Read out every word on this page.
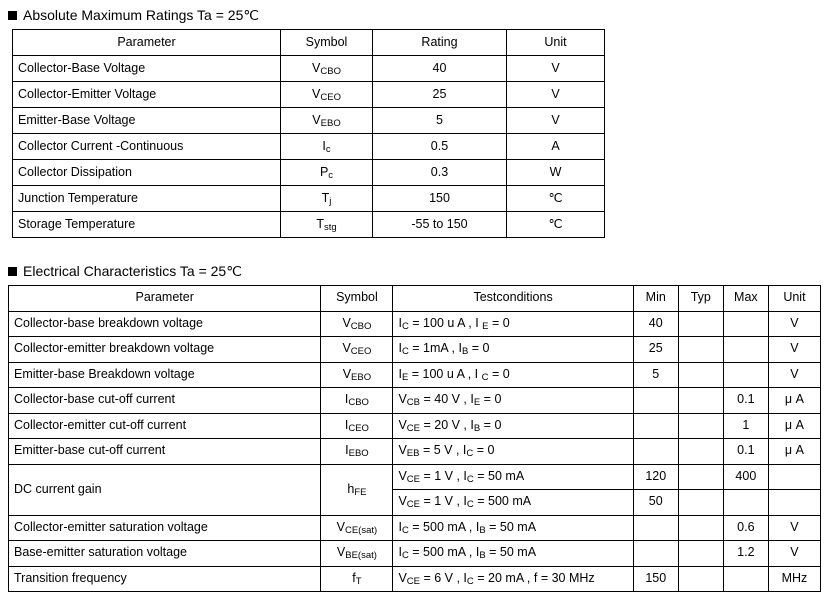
Absolute Maximum Ratings Ta = 25℃
Parameter	Symbol	Rating	Unit
Collector-Base Voltage	VCBO	40	V
Collector-Emitter Voltage	VCEO	25	V
Emitter-Base Voltage	VEBO	5	V
Collector Current -Continuous	Ic	0.5	A
Collector Dissipation	Pc	0.3	W
Junction Temperature	Tj	150	℃
Storage Temperature	Tstg	-55 to 150	℃
Electrical Characteristics Ta = 25℃
Parameter	Symbol	Testconditions	Min	Typ	Max	Unit
Collector-base breakdown voltage	VCBO	IC = 100 u A , I E = 0	40			V
Collector-emitter breakdown voltage	VCEO	IC = 1mA , IB = 0	25			V
Emitter-base Breakdown voltage	VEBO	IE = 100 u A , I C = 0	5			V
Collector-base cut-off current	ICBO	VCB = 40 V , IE = 0			0.1	μ A
Collector-emitter cut-off current	ICEO	VCE = 20 V , IB = 0			1	μ A
Emitter-base cut-off current	IEBO	VEB = 5 V , IC = 0			0.1	μ A
DC current gain	hFE	VCE = 1 V , IC = 50 mA	120		400	
		VCE = 1 V , IC = 500 mA	50			
Collector-emitter saturation voltage	VCE(sat)	IC = 500 mA , IB = 50 mA			0.6	V
Base-emitter saturation voltage	VBE(sat)	IC = 500 mA , IB = 50 mA			1.2	V
Transition frequency	fT	VCE = 6 V , IC = 20 mA , f = 30 MHz	150			MHz
